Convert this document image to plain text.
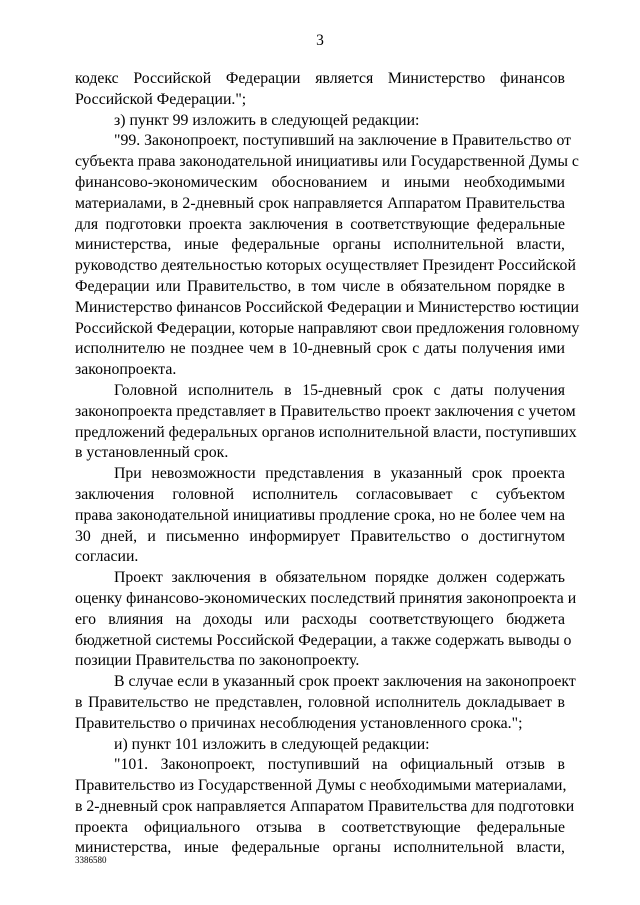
3
кодекс Российской Федерации является Министерство финансов
Российской Федерации.";
з) пункт 99 изложить в следующей редакции:
"99. Законопроект, поступивший на заключение в Правительство от
субъекта права законодательной инициативы или Государственной Думы с
финансово-экономическим обоснованием и иными необходимыми
материалами, в 2-дневный срок направляется Аппаратом Правительства
для подготовки проекта заключения в соответствующие федеральные
министерства, иные федеральные органы исполнительной власти,
руководство деятельностью которых осуществляет Президент Российской
Федерации или Правительство, в том числе в обязательном порядке в
Министерство финансов Российской Федерации и Министерство юстиции
Российской Федерации, которые направляют свои предложения головному
исполнителю не позднее чем в 10-дневный срок с даты получения ими
законопроекта.
Головной исполнитель в 15-дневный срок с даты получения
законопроекта представляет в Правительство проект заключения с учетом
предложений федеральных органов исполнительной власти, поступивших
в установленный срок.
При невозможности представления в указанный срок проекта
заключения головной исполнитель согласовывает с субъектом
права законодательной инициативы продление срока, но не более чем на
30 дней, и письменно информирует Правительство о достигнутом
согласии.
Проект заключения в обязательном порядке должен содержать
оценку финансово-экономических последствий принятия законопроекта и
его влияния на доходы или расходы соответствующего бюджета
бюджетной системы Российской Федерации, а также содержать выводы о
позиции Правительства по законопроекту.
В случае если в указанный срок проект заключения на законопроект
в Правительство не представлен, головной исполнитель докладывает в
Правительство о причинах несоблюдения установленного срока.";
и) пункт 101 изложить в следующей редакции:
"101. Законопроект, поступивший на официальный отзыв в
Правительство из Государственной Думы с необходимыми материалами,
в 2-дневный срок направляется Аппаратом Правительства для подготовки
проекта официального отзыва в соответствующие федеральные
министерства, иные федеральные органы исполнительной власти,
3386580
